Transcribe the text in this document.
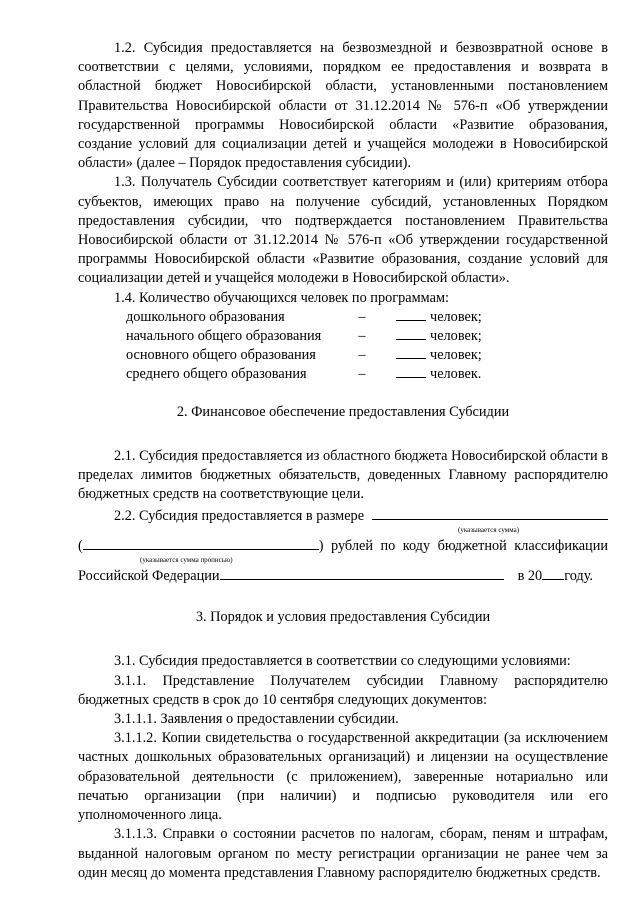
1.2. Субсидия предоставляется на безвозмездной и безвозвратной основе в соответствии с целями, условиями, порядком ее предоставления и возврата в областной бюджет Новосибирской области, установленными постановлением Правительства Новосибирской области от 31.12.2014 № 576-п «Об утверждении государственной программы Новосибирской области «Развитие образования, создание условий для социализации детей и учащейся молодежи в Новосибирской области» (далее – Порядок предоставления субсидии).

1.3. Получатель Субсидии соответствует категориям и (или) критериям отбора субъектов, имеющих право на получение субсидий, установленных Порядком предоставления субсидии, что подтверждается постановлением Правительства Новосибирской области от 31.12.2014 № 576-п «Об утверждении государственной программы Новосибирской области «Развитие образования, создание условий для социализации детей и учащейся молодежи в Новосибирской области».

1.4. Количество обучающихся человек по программам:

дошкольного образования	–	человек;
начального общего образования	–	человек;
основного общего образования	–	человек;
среднего общего образования	–	человек.

2. Финансовое обеспечение предоставления Субсидии

2.1. Субсидия предоставляется из областного бюджета Новосибирской области в пределах лимитов бюджетных обязательств, доведенных Главному распорядителю бюджетных средств на соответствующие цели.

2.2. Субсидия предоставляется в размере
(указывается сумма)
(	) рублей по коду бюджетной классификации
(указывается сумма прописью)
Российской Федерации	в 20 году.

3. Порядок и условия предоставления Субсидии

3.1. Субсидия предоставляется в соответствии со следующими условиями:

3.1.1. Представление Получателем субсидии Главному распорядителю бюджетных средств в срок до 10 сентября следующих документов:

3.1.1.1. Заявления о предоставлении субсидии.

3.1.1.2. Копии свидетельства о государственной аккредитации (за исключением частных дошкольных образовательных организаций) и лицензии на осуществление образовательной деятельности (с приложением), заверенные нотариально или печатью организации (при наличии) и подписью руководителя или его уполномоченного лица.

3.1.1.3. Справки о состоянии расчетов по налогам, сборам, пеням и штрафам, выданной налоговым органом по месту регистрации организации не ранее чем за один месяц до момента представления Главному распорядителю бюджетных средств.
